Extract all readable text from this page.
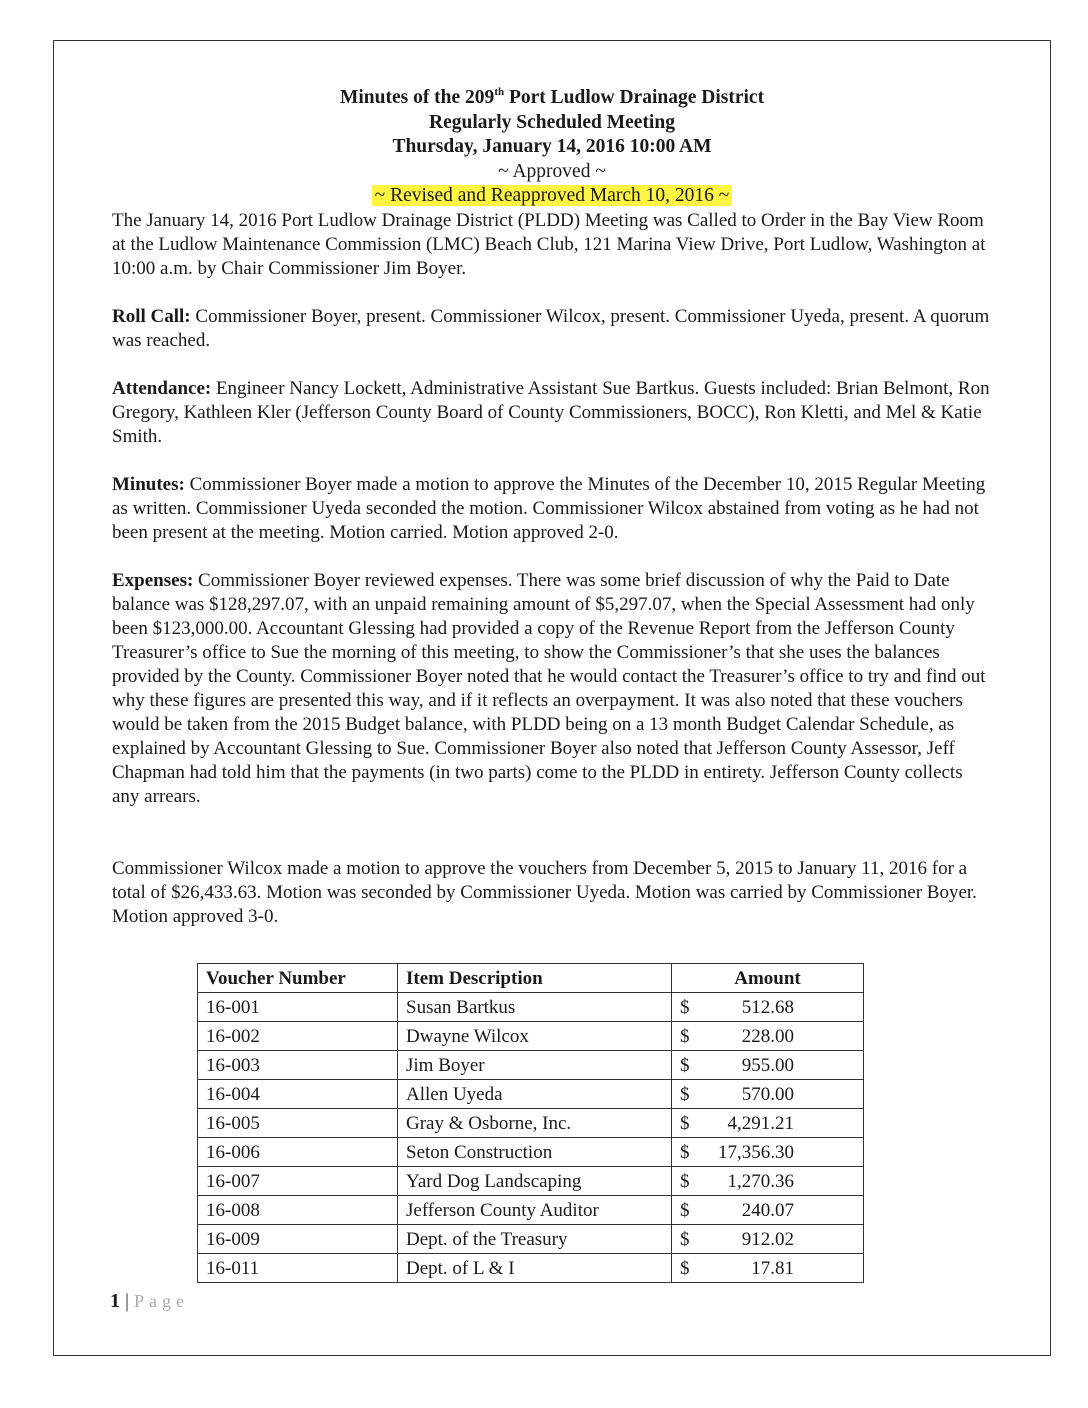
Minutes of the 209th Port Ludlow Drainage District
Regularly Scheduled Meeting
Thursday, January 14, 2016 10:00 AM
~ Approved ~
~ Revised and Reapproved March 10, 2016 ~

The January 14, 2016 Port Ludlow Drainage District (PLDD) Meeting was Called to Order in the Bay View Room at the Ludlow Maintenance Commission (LMC) Beach Club, 121 Marina View Drive, Port Ludlow, Washington at 10:00 a.m. by Chair Commissioner Jim Boyer.

Roll Call: Commissioner Boyer, present. Commissioner Wilcox, present. Commissioner Uyeda, present. A quorum was reached.

Attendance: Engineer Nancy Lockett, Administrative Assistant Sue Bartkus. Guests included: Brian Belmont, Ron Gregory, Kathleen Kler (Jefferson County Board of County Commissioners, BOCC), Ron Kletti, and Mel & Katie Smith.

Minutes: Commissioner Boyer made a motion to approve the Minutes of the December 10, 2015 Regular Meeting as written. Commissioner Uyeda seconded the motion. Commissioner Wilcox abstained from voting as he had not been present at the meeting. Motion carried. Motion approved 2-0.

Expenses: Commissioner Boyer reviewed expenses. There was some brief discussion of why the Paid to Date balance was $128,297.07, with an unpaid remaining amount of $5,297.07, when the Special Assessment had only been $123,000.00. Accountant Glessing had provided a copy of the Revenue Report from the Jefferson County Treasurer’s office to Sue the morning of this meeting, to show the Commissioner’s that she uses the balances provided by the County. Commissioner Boyer noted that he would contact the Treasurer’s office to try and find out why these figures are presented this way, and if it reflects an overpayment. It was also noted that these vouchers would be taken from the 2015 Budget balance, with PLDD being on a 13 month Budget Calendar Schedule, as explained by Accountant Glessing to Sue. Commissioner Boyer also noted that Jefferson County Assessor, Jeff Chapman had told him that the payments (in two parts) come to the PLDD in entirety. Jefferson County collects any arrears.

Commissioner Wilcox made a motion to approve the vouchers from December 5, 2015 to January 11, 2016 for a total of $26,433.63. Motion was seconded by Commissioner Uyeda. Motion was carried by Commissioner Boyer. Motion approved 3-0.

Voucher Number	Item Description	Amount
16-001	Susan Bartkus	$ 512.68

16-002	Dwayne Wilcox	$ 228.00

16-003	Jim Boyer	$ 955.00

16-004	Allen Uyeda	$ 570.00

16-005	Gray & Osborne, Inc.	$ 4,291.21

16-006	Seton Construction	$ 17,356.30

16-007	Yard Dog Landscaping	$ 1,270.36

16-008	Jefferson County Auditor	$ 240.07

16-009	Dept. of the Treasury	$ 912.02

16-011	Dept. of L & I	$ 17.81
1 | Page
